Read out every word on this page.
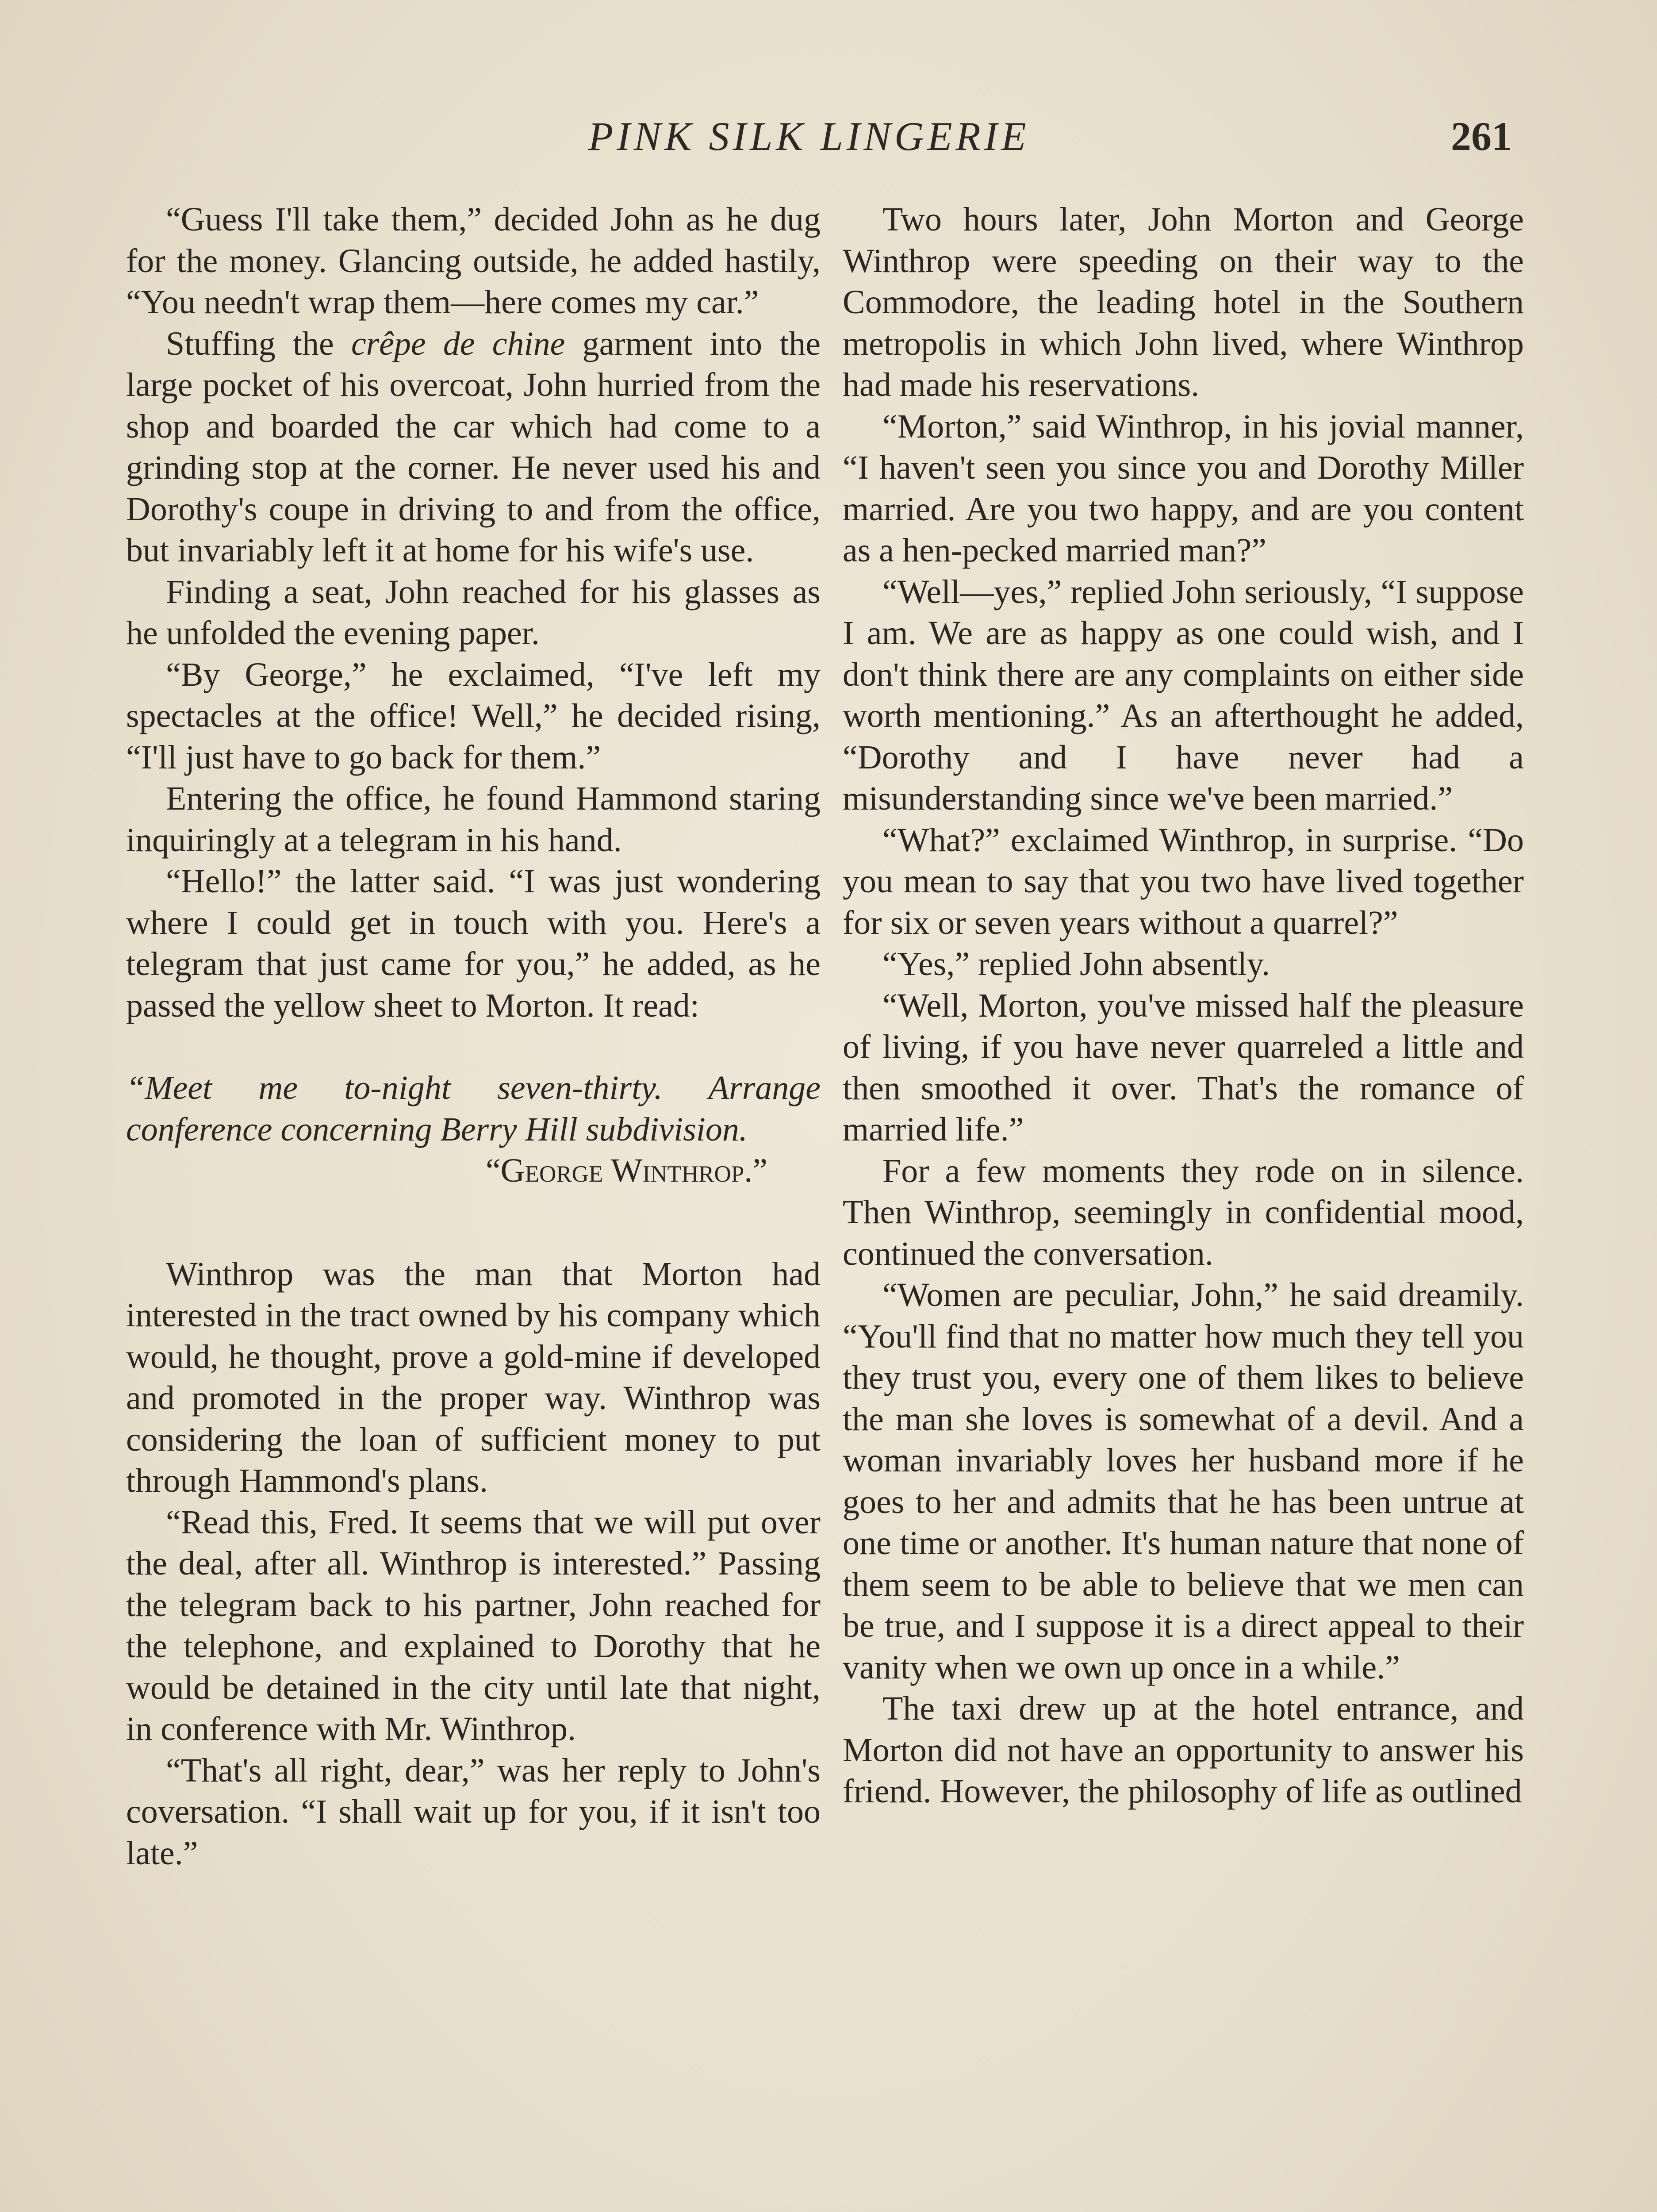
PINK SILK LINGERIE	261

“Guess I'll take them,” decided John as he dug for the money. Glancing outside, he added hastily, “You needn't wrap them—here comes my car.”

Stuffing the crêpe de chine garment into the large pocket of his overcoat, John hurried from the shop and boarded the car which had come to a grinding stop at the corner. He never used his and Dorothy's coupe in driving to and from the office, but invariably left it at home for his wife's use.

Finding a seat, John reached for his glasses as he unfolded the evening paper.

“By George,” he exclaimed, “I've left my spectacles at the office! Well,” he decided rising, “I'll just have to go back for them.”

Entering the office, he found Hammond staring inquiringly at a telegram in his hand.

“Hello!” the latter said. “I was just wondering where I could get in touch with you. Here's a telegram that just came for you,” he added, as he passed the yellow sheet to Morton. It read:

“Meet me to-night seven-thirty. Arrange conference concerning Berry Hill subdivision.

“George Winthrop.”

Winthrop was the man that Morton had interested in the tract owned by his company which would, he thought, prove a gold-mine if developed and promoted in the proper way. Winthrop was considering the loan of sufficient money to put through Hammond's plans.

“Read this, Fred. It seems that we will put over the deal, after all. Winthrop is interested.” Passing the telegram back to his partner, John reached for the telephone, and explained to Dorothy that he would be detained in the city until late that night, in conference with Mr. Winthrop.

“That's all right, dear,” was her reply to John's coversation. “I shall wait up for you, if it isn't too late.”

Two hours later, John Morton and George Winthrop were speeding on their way to the Commodore, the leading hotel in the Southern metropolis in which John lived, where Winthrop had made his reservations.

“Morton,” said Winthrop, in his jovial manner, “I haven't seen you since you and Dorothy Miller married. Are you two happy, and are you content as a hen-pecked married man?”

“Well—yes,” replied John seriously, “I suppose I am. We are as happy as one could wish, and I don't think there are any complaints on either side worth mentioning.” As an afterthought he added, “Dorothy and I have never had a misunderstanding since we've been married.”

“What?” exclaimed Winthrop, in surprise. “Do you mean to say that you two have lived together for six or seven years without a quarrel?”

“Yes,” replied John absently.

“Well, Morton, you've missed half the pleasure of living, if you have never quarreled a little and then smoothed it over. That's the romance of married life.”

For a few moments they rode on in silence. Then Winthrop, seemingly in confidential mood, continued the conversation.

“Women are peculiar, John,” he said dreamily. “You'll find that no matter how much they tell you they trust you, every one of them likes to believe the man she loves is somewhat of a devil. And a woman invariably loves her husband more if he goes to her and admits that he has been untrue at one time or another. It's human nature that none of them seem to be able to believe that we men can be true, and I suppose it is a direct appeal to their vanity when we own up once in a while.”

The taxi drew up at the hotel entrance, and Morton did not have an opportunity to answer his friend. However, the philosophy of life as outlined
